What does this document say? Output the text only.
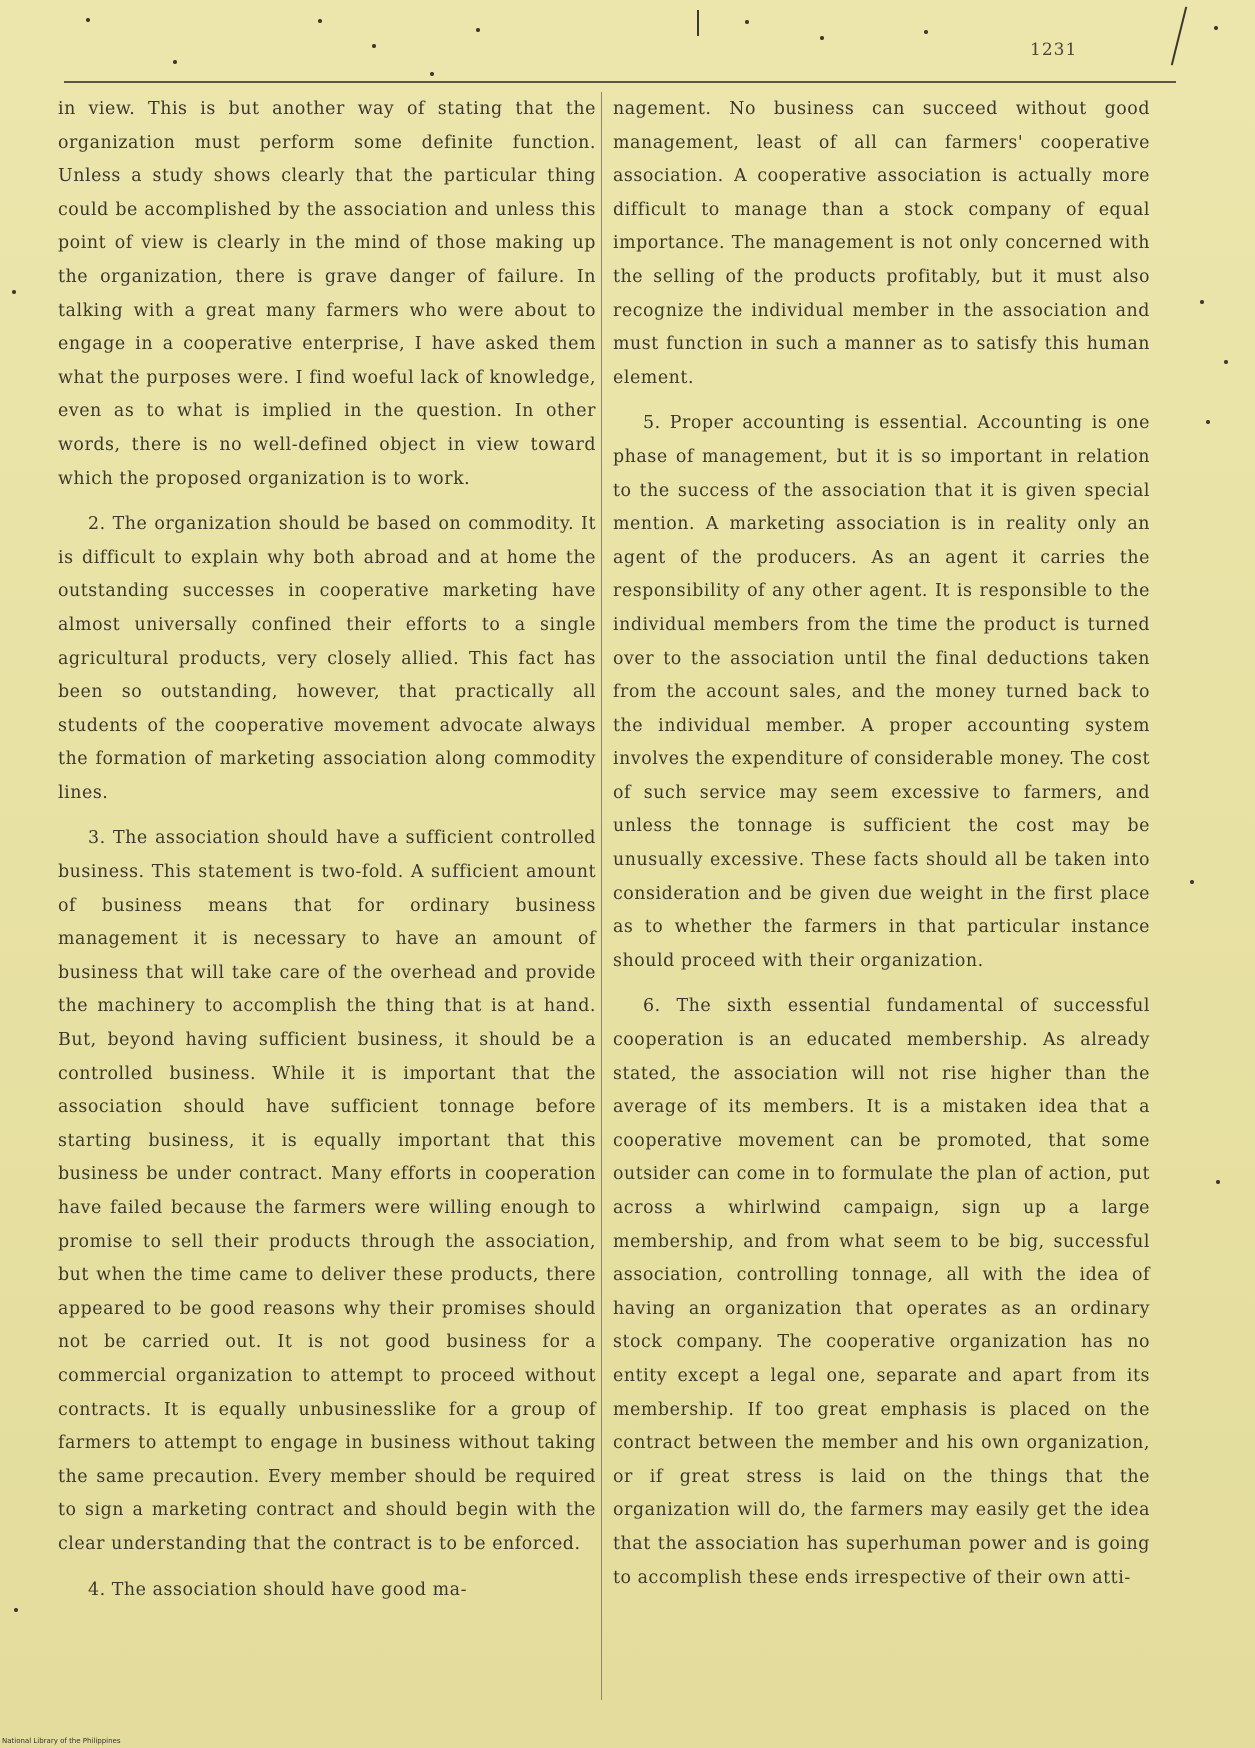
1231

in view. This is but another way of stating that the organization must perform some definite function. Unless a study shows clearly that the particular thing could be accomplished by the association and unless this point of view is clearly in the mind of those making up the organization, there is grave danger of failure. In talking with a great many farmers who were about to engage in a cooperative enterprise, I have asked them what the purposes were. I find woeful lack of knowledge, even as to what is implied in the question. In other words, there is no well-defined object in view toward which the proposed organization is to work.

2. The organization should be based on commodity. It is difficult to explain why both abroad and at home the outstanding successes in cooperative marketing have almost universally confined their efforts to a single agricultural products, very closely allied. This fact has been so outstanding, however, that practically all students of the cooperative movement advocate always the formation of marketing association along commodity lines.

3. The association should have a sufficient controlled business. This statement is two-fold. A sufficient amount of business means that for ordinary business management it is necessary to have an amount of business that will take care of the overhead and provide the machinery to accomplish the thing that is at hand. But, beyond having sufficient business, it should be a controlled business. While it is important that the association should have sufficient tonnage before starting business, it is equally important that this business be under contract. Many efforts in cooperation have failed because the farmers were willing enough to promise to sell their products through the association, but when the time came to deliver these products, there appeared to be good reasons why their promises should not be carried out. It is not good business for a commercial organization to attempt to proceed without contracts. It is equally unbusinesslike for a group of farmers to attempt to engage in business without taking the same precaution. Every member should be required to sign a marketing contract and should begin with the clear understanding that the contract is to be enforced.

4. The association should have good ma-

nagement. No business can succeed without good management, least of all can farmers' cooperative association. A cooperative association is actually more difficult to manage than a stock company of equal importance. The management is not only concerned with the selling of the products profitably, but it must also recognize the individual member in the association and must function in such a manner as to satisfy this human element.

5. Proper accounting is essential. Accounting is one phase of management, but it is so important in relation to the success of the association that it is given special mention. A marketing association is in reality only an agent of the producers. As an agent it carries the responsibility of any other agent. It is responsible to the individual members from the time the product is turned over to the association until the final deductions taken from the account sales, and the money turned back to the individual member. A proper accounting system involves the expenditure of considerable money. The cost of such service may seem excessive to farmers, and unless the tonnage is sufficient the cost may be unusually excessive. These facts should all be taken into consideration and be given due weight in the first place as to whether the farmers in that particular instance should proceed with their organization.

6. The sixth essential fundamental of successful cooperation is an educated membership. As already stated, the association will not rise higher than the average of its members. It is a mistaken idea that a cooperative movement can be promoted, that some outsider can come in to formulate the plan of action, put across a whirlwind campaign, sign up a large membership, and from what seem to be big, successful association, controlling tonnage, all with the idea of having an organization that operates as an ordinary stock company. The cooperative organization has no entity except a legal one, separate and apart from its membership. If too great emphasis is placed on the contract between the member and his own organization, or if great stress is laid on the things that the organization will do, the farmers may easily get the idea that the association has superhuman power and is going to accomplish these ends irrespective of their own atti-

National Library of the Philippines
